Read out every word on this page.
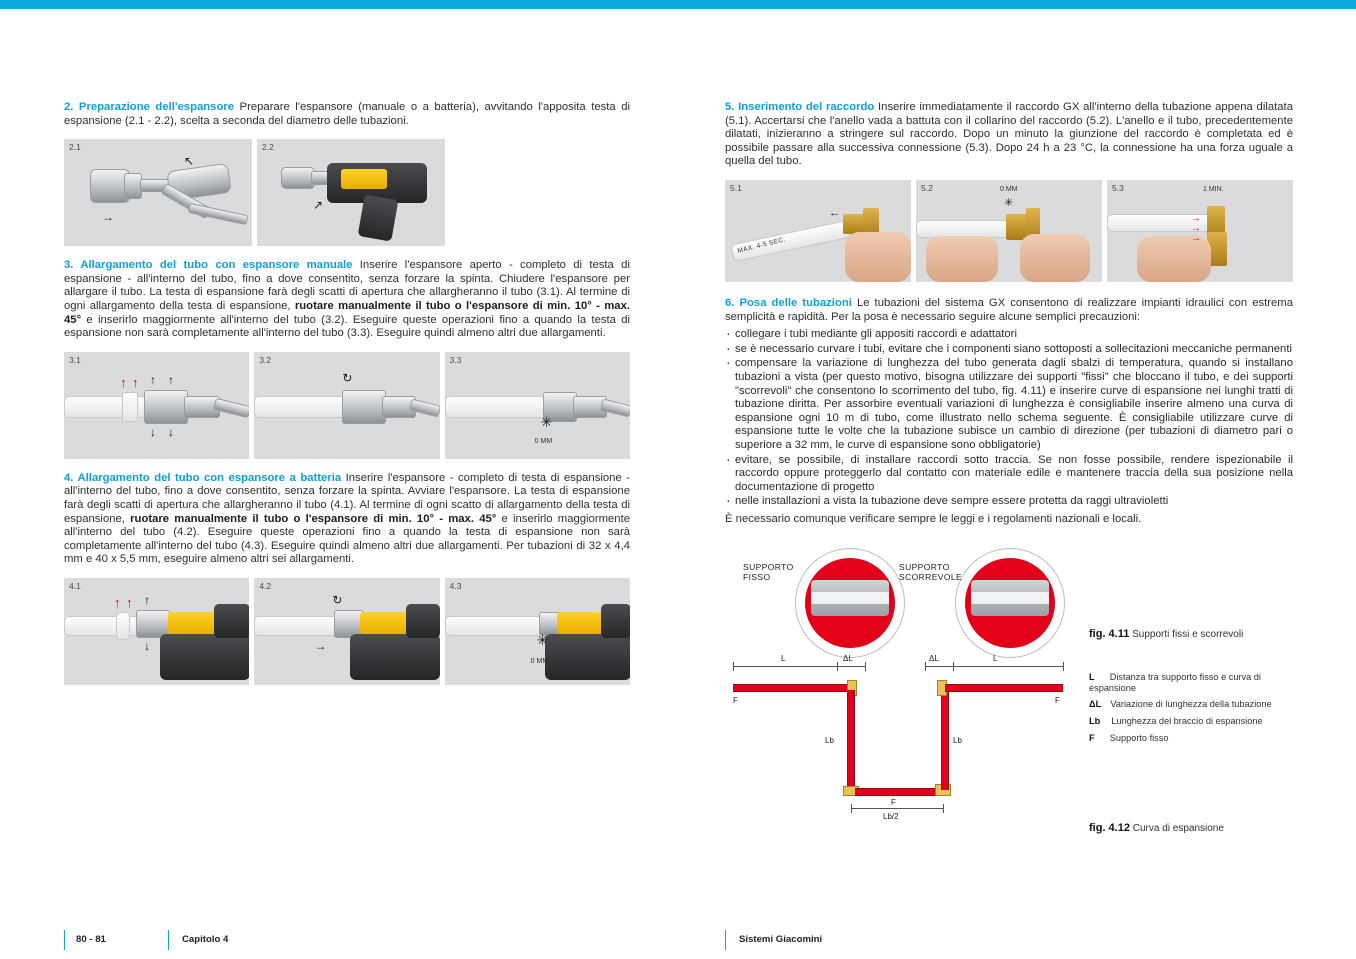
2. Preparazione dell'espansore Preparare l'espansore (manuale o a batteria), avvitando l'apposita testa di espansione (2.1 - 2.2), scelta a seconda del diametro delle tubazioni.

→
↖
2.1
↗
2.2

3. Allargamento del tubo con espansore manuale Inserire l'espansore aperto - completo di testa di espansione - all'interno del tubo, fino a dove consentito, senza forzare la spinta. Chiudere l'espansore per allargare il tubo. La testa di espansione farà degli scatti di apertura che allargheranno il tubo (3.1). Al termine di ogni allargamento della testa di espansione, ruotare manualmente il tubo o l'espansore di min. 10° - max. 45° e inserirlo maggiormente all'interno del tubo (3.2). Eseguire queste operazioni fino a quando la testa di espansione non sarà completamente all'interno del tubo (3.3). Eseguire quindi almeno altri due allargamenti.

↑ ↑ ↑ ↑
↓ ↓
3.1
↻
3.2
✳
0 MM
3.3

4. Allargamento del tubo con espansore a batteria Inserire l'espansore - completo di testa di espansione - all'interno del tubo, fino a dove consentito, senza forzare la spinta. Avviare l'espansore. La testa di espansione farà degli scatti di apertura che allargheranno il tubo (4.1). Al termine di ogni scatto di allargamento della testa di espansione, ruotare manualmente il tubo o l'espansore di min. 10° - max. 45° e inserirlo maggiormente all'interno del tubo (4.2). Eseguire queste operazioni fino a quando la testa di espansione non sarà completamente all'interno del tubo (4.3). Eseguire quindi almeno altri due allargamenti. Per tubazioni di 32 x 4,4 mm e 40 x 5,5 mm, eseguire almeno altri sei allargamenti.

↑ ↑ ↑
↓
4.1
↻
→
4.2
✳
0 MM
4.3

5. Inserimento del raccordo Inserire immediatamente il raccordo GX all'interno della tubazione appena dilatata (5.1). Accertarsi che l'anello vada a battuta con il collarino del raccordo (5.2). L'anello e il tubo, precedentemente dilatati, inizieranno a stringere sul raccordo. Dopo un minuto la giunzione del raccordo è completata ed è possibile passare alla successiva connessione (5.3). Dopo 24 h a 23 °C, la connessione ha una forza uguale a quella del tubo.

MAX. 4-5 SEC.
←
5.1
✳
0 MM
5.2
→
→
→
1 MIN.
5.3

6. Posa delle tubazioni Le tubazioni del sistema GX consentono di realizzare impianti idraulici con estrema semplicità e rapidità. Per la posa è necessario seguire alcune semplici precauzioni:

· collegare i tubi mediante gli appositi raccordi e adattatori
· se è necessario curvare i tubi, evitare che i componenti siano sottoposti a sollecitazioni meccaniche permanenti
· compensare la variazione di lunghezza del tubo generata dagli sbalzi di temperatura, quando si installano tubazioni a vista (per questo motivo, bisogna utilizzare dei supporti "fissi" che bloccano il tubo, e dei supporti "scorrevoli" che consentono lo scorrimento del tubo, fig. 4.11) e inserire curve di espansione nei lunghi tratti di tubazione diritta. Per assorbire eventuali variazioni di lunghezza è consigliabile inserire almeno una curva di espansione ogni 10 m di tubo, come illustrato nello schema seguente. È consigliabile utilizzare curve di espansione tutte le volte che la tubazione subisce un cambio di direzione (per tubazioni di diametro pari o superiore a 32 mm, le curve di espansione sono obbligatorie)
· evitare, se possibile, di installare raccordi sotto traccia. Se non fosse possibile, rendere ispezionabile il raccordo oppure proteggerlo dal contatto con materiale edile e mantenere traccia della sua posizione nella documentazione di progetto
· nelle installazioni a vista la tubazione deve sempre essere protetta da raggi ultravioletti

È necessario comunque verificare sempre le leggi e i regolamenti nazionali e locali.

SUPPORTO
FISSO
SUPPORTO
SCORREVOLE
fig. 4.11 Supporti fissi e scorrevoli
L Distanza tra supporto fisso e curva di espansione
ΔL Variazione di lunghezza della tubazione
Lb Lunghezza del braccio di espansione
F Supporto fisso
L	ΔL	ΔL	L
F	F
F
Lb	Lb
Lb/2
fig. 4.12 Curva di espansione
80 - 81	Capitolo 4	Sistemi Giacomini
